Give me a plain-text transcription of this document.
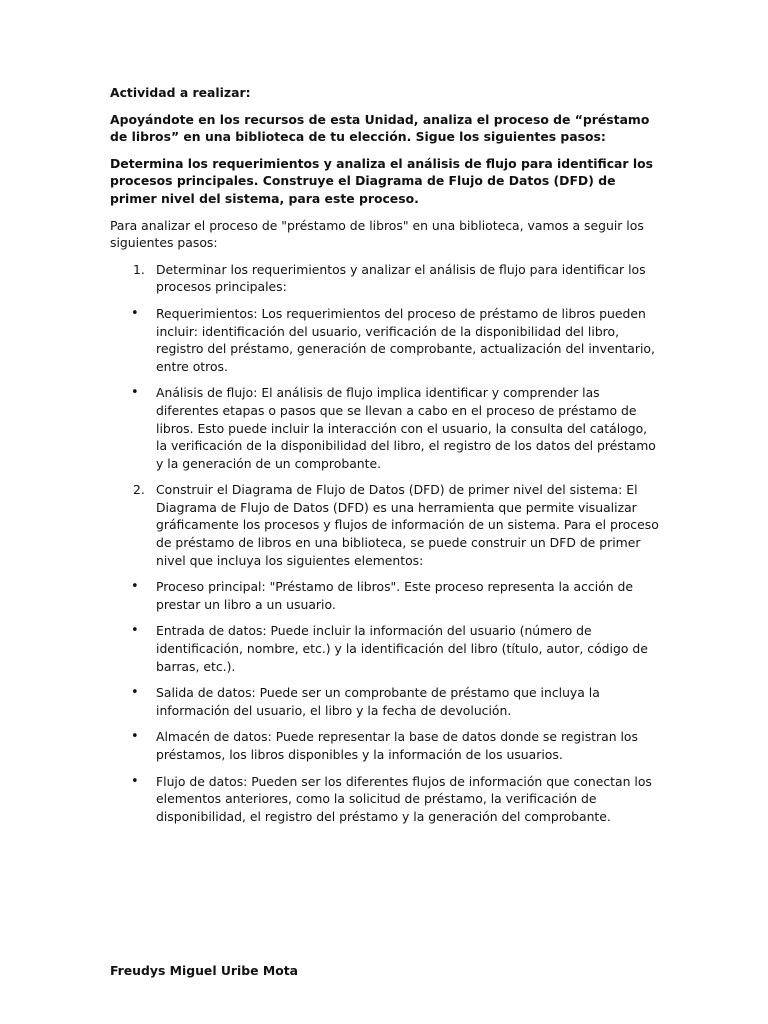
Actividad a realizar:

Apoyándote en los recursos de esta Unidad, analiza el proceso de “préstamo de libros” en una biblioteca de tu elección. Sigue los siguientes pasos:

Determina los requerimientos y analiza el análisis de flujo para identificar los procesos principales. Construye el Diagrama de Flujo de Datos (DFD) de primer nivel del sistema, para este proceso.

Para analizar el proceso de "préstamo de libros" en una biblioteca, vamos a seguir los siguientes pasos:

1. Determinar los requerimientos y analizar el análisis de flujo para identificar los procesos principales:
• Requerimientos: Los requerimientos del proceso de préstamo de libros pueden incluir: identificación del usuario, verificación de la disponibilidad del libro, registro del préstamo, generación de comprobante, actualización del inventario, entre otros.
• Análisis de flujo: El análisis de flujo implica identificar y comprender las diferentes etapas o pasos que se llevan a cabo en el proceso de préstamo de libros. Esto puede incluir la interacción con el usuario, la consulta del catálogo, la verificación de la disponibilidad del libro, el registro de los datos del préstamo y la generación de un comprobante.
2. Construir el Diagrama de Flujo de Datos (DFD) de primer nivel del sistema: El Diagrama de Flujo de Datos (DFD) es una herramienta que permite visualizar gráficamente los procesos y flujos de información de un sistema. Para el proceso de préstamo de libros en una biblioteca, se puede construir un DFD de primer nivel que incluya los siguientes elementos:
• Proceso principal: "Préstamo de libros". Este proceso representa la acción de prestar un libro a un usuario.
• Entrada de datos: Puede incluir la información del usuario (número de identificación, nombre, etc.) y la identificación del libro (título, autor, código de barras, etc.).
• Salida de datos: Puede ser un comprobante de préstamo que incluya la información del usuario, el libro y la fecha de devolución.
• Almacén de datos: Puede representar la base de datos donde se registran los préstamos, los libros disponibles y la información de los usuarios.
• Flujo de datos: Pueden ser los diferentes flujos de información que conectan los elementos anteriores, como la solicitud de préstamo, la verificación de disponibilidad, el registro del préstamo y la generación del comprobante.
Freudys Miguel Uribe Mota
